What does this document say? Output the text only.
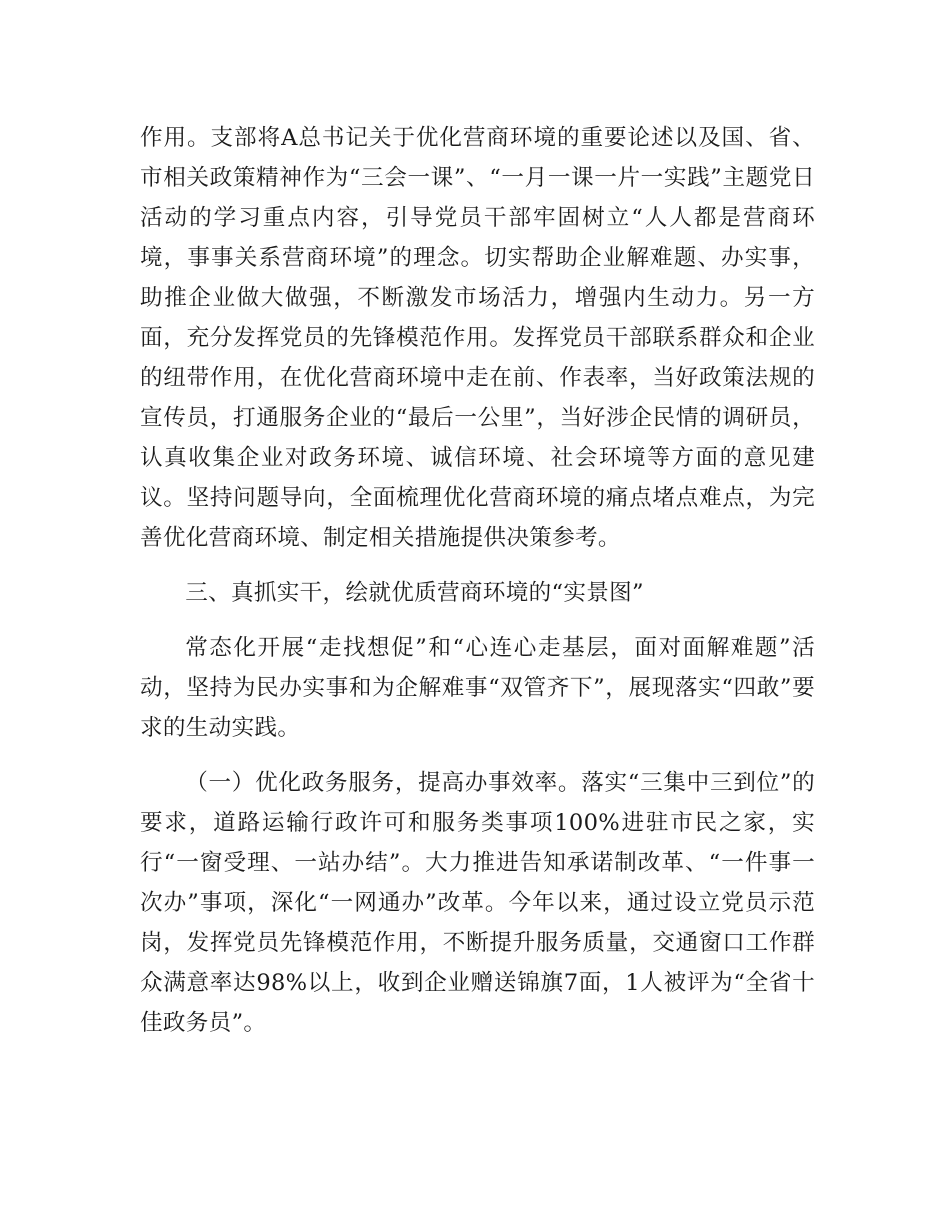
作用。支部将A总书记关于优化营商环境的重要论述以及国、省、市相关政策精神作为“三会一课”、“一月一课一片一实践”主题党日活动的学习重点内容，引导党员干部牢固树立“人人都是营商环境，事事关系营商环境”的理念。切实帮助企业解难题、办实事，助推企业做大做强，不断激发市场活力，增强内生动力。另一方面，充分发挥党员的先锋模范作用。发挥党员干部联系群众和企业的纽带作用，在优化营商环境中走在前、作表率，当好政策法规的宣传员，打通服务企业的“最后一公里”，当好涉企民情的调研员，认真收集企业对政务环境、诚信环境、社会环境等方面的意见建议。坚持问题导向，全面梳理优化营商环境的痛点堵点难点，为完善优化营商环境、制定相关措施提供决策参考。

三、真抓实干，绘就优质营商环境的“实景图”

常态化开展“走找想促”和“心连心走基层，面对面解难题”活动，坚持为民办实事和为企解难事“双管齐下”，展现落实“四敢”要求的生动实践。

（一）优化政务服务，提高办事效率。落实“三集中三到位”的要求，道路运输行政许可和服务类事项100%进驻市民之家，实行“一窗受理、一站办结”。大力推进告知承诺制改革、“一件事一次办”事项，深化“一网通办”改革。今年以来，通过设立党员示范岗，发挥党员先锋模范作用，不断提升服务质量，交通窗口工作群众满意率达98%以上，收到企业赠送锦旗7面，1人被评为“全省十佳政务员”。
